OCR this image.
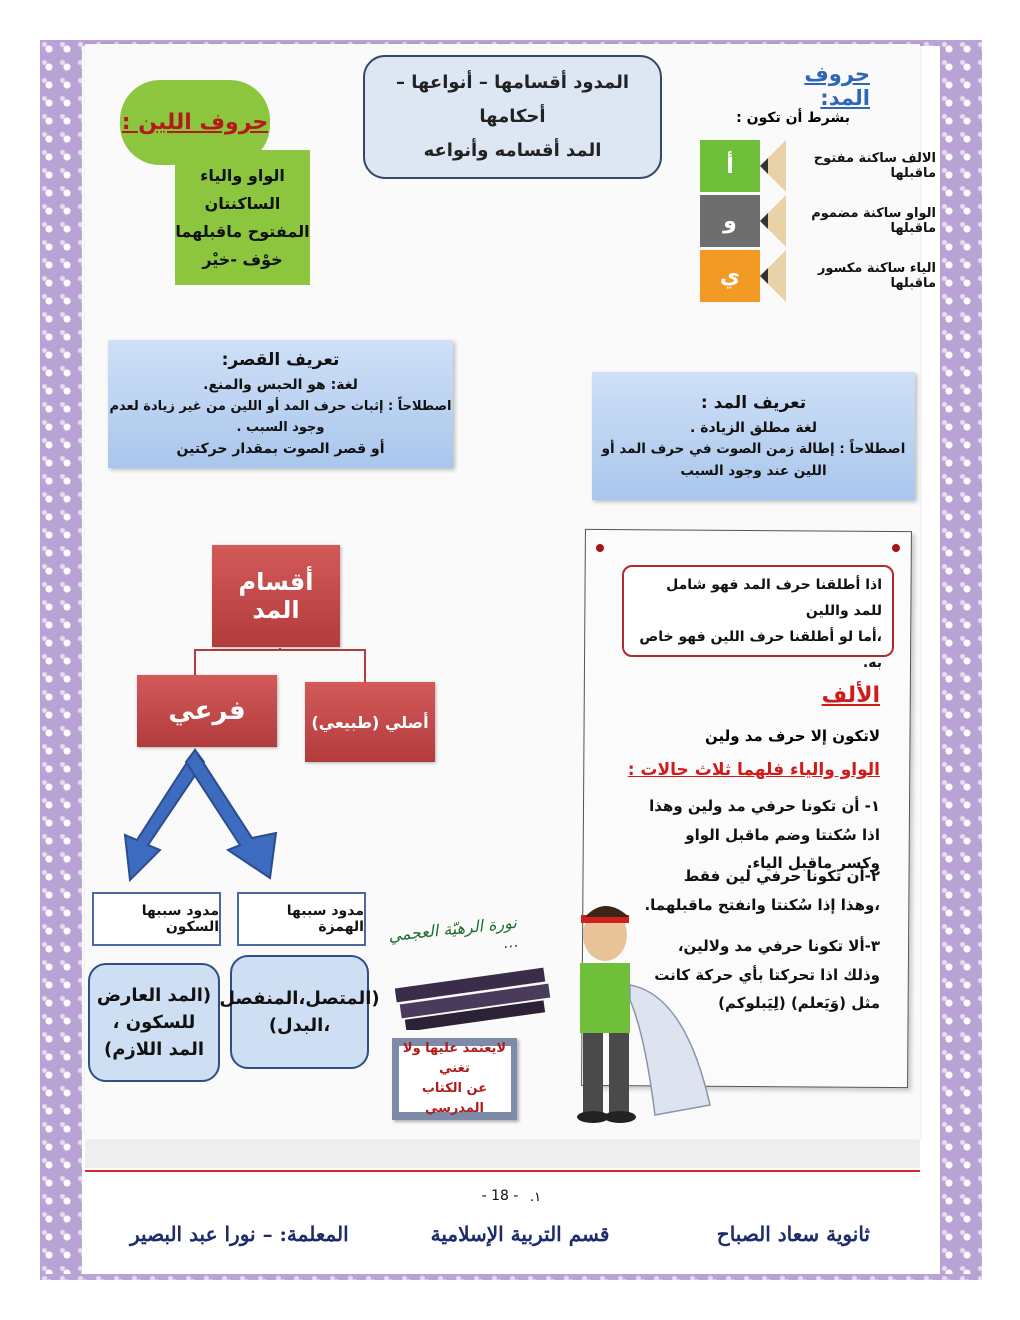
المدود أقسامها – أنواعها –أحكامها
المد أقسامه وأنواعه
الواو والياء الساكنتان
المفتوح ماقبلهما
خوْف -خيْر
حروف اللين :
حروف المد:
بشرط أن تكون :
الالف ساكنة مفتوح ماقبلها
أ
الواو ساكنة مضموم ماقبلها
و
الياء ساكنة مكسور ماقبلها
ي
تعريف القصر:
لغة: هو الحبس والمنع.
اصطلاحاً : إثبات حرف المد أو اللين من غير زيادة لعدم وجود السبب .
أو قصر الصوت بمقدار حركتين
تعريف المد :
لغة مطلق الزيادة .
اصطلاحاً : إطالة زمن الصوت في حرف المد أو اللين عند وجود السبب
أقسام المد
فرعي	أصلي (طبيعي)
مدود سببها السكون
مدود سببها الهمزة
(المد العارض
للسكون ،
المد اللازم)
(المتصل،المنفصل
،البدل)
اذا أطلقنا حرف المد فهو شامل للمد واللين
،أما لو أطلقنا حرف اللين فهو خاص به.
الألف
لاتكون إلا حرف مد ولين
الواو والياء فلهما ثلاث حالات :
١- أن تكونا حرفي مد ولين وهذا اذا سُكنتا وضم ماقبل الواو وكسر ماقبل الياء.
٢-أن تكونا حرفي لين فقط ،وهذا إذا سُكنتا وانفتح ماقبلهما.
٣-ألا تكونا حرفي مد ولالين، وذلك اذا تحركتا بأي حركة كانت مثل (وَيَعلم) (لِيَبلوكم)
نورة الرهيّة العجمي ...
لايعتمد عليها ولا تغني
عن الكتاب المدرسي
- 18 - ١.
ثانوية سعاد الصباح
قسم التربية الإسلامية
المعلمة: – نورا عبد البصير
